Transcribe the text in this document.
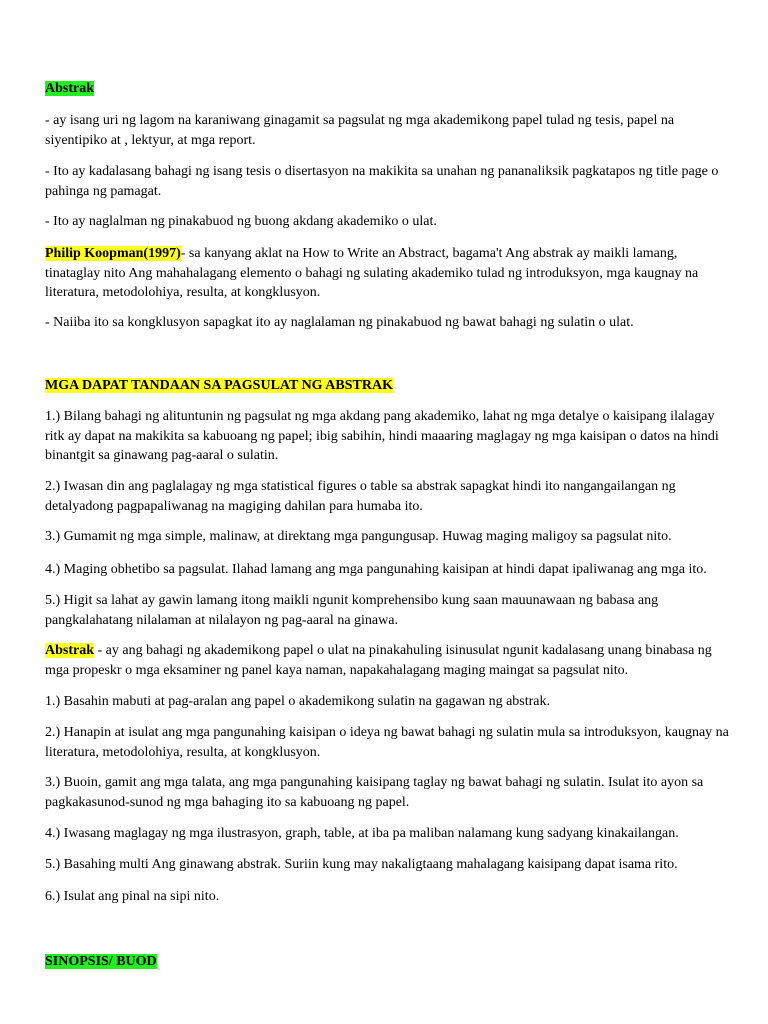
Abstrak

- ay isang uri ng lagom na karaniwang ginagamit sa pagsulat ng mga akademikong papel tulad ng tesis, papel na siyentipiko at , lektyur, at mga report.

- Ito ay kadalasang bahagi ng isang tesis o disertasyon na makikita sa unahan ng pananaliksik pagkatapos ng title page o pahinga ng pamagat.

- Ito ay naglalman ng pinakabuod ng buong akdang akademiko o ulat.

Philip Koopman(1997)- sa kanyang aklat na How to Write an Abstract, bagama't Ang abstrak ay maikli lamang, tinataglay nito Ang mahahalagang elemento o bahagi ng sulating akademiko tulad ng introduksyon, mga kaugnay na literatura, metodolohiya, resulta, at kongklusyon.

- Naiiba ito sa kongklusyon sapagkat ito ay naglalaman ng pinakabuod ng bawat bahagi ng sulatin o ulat.

MGA DAPAT TANDAAN SA PAGSULAT NG ABSTRAK

1.) Bilang bahagi ng alituntunin ng pagsulat ng mga akdang pang akademiko, lahat ng mga detalye o kaisipang ilalagay ritk ay dapat na makikita sa kabuoang ng papel; ibig sabihin, hindi maaaring maglagay ng mga kaisipan o datos na hindi binantgit sa ginawang pag-aaral o sulatin.

2.) Iwasan din ang paglalagay ng mga statistical figures o table sa abstrak sapagkat hindi ito nangangailangan ng detalyadong pagpapaliwanag na magiging dahilan para humaba ito.

3.) Gumamit ng mga simple, malinaw, at direktang mga pangungusap. Huwag maging maligoy sa pagsulat nito.

4.) Maging obhetibo sa pagsulat. Ilahad lamang ang mga pangunahing kaisipan at hindi dapat ipaliwanag ang mga ito.

5.) Higit sa lahat ay gawin lamang itong maikli ngunit komprehensibo kung saan mauunawaan ng babasa ang pangkalahatang nilalaman at nilalayon ng pag-aaral na ginawa.

Abstrak - ay ang bahagi ng akademikong papel o ulat na pinakahuling isinusulat ngunit kadalasang unang binabasa ng mga propeskr o mga eksaminer ng panel kaya naman, napakahalagang maging maingat sa pagsulat nito.

1.) Basahin mabuti at pag-aralan ang papel o akademikong sulatin na gagawan ng abstrak.

2.) Hanapin at isulat ang mga pangunahing kaisipan o ideya ng bawat bahagi ng sulatin mula sa introduksyon, kaugnay na literatura, metodolohiya, resulta, at kongklusyon.

3.) Buoin, gamit ang mga talata, ang mga pangunahing kaisipang taglay ng bawat bahagi ng sulatin. Isulat ito ayon sa pagkakasunod-sunod ng mga bahaging ito sa kabuoang ng papel.

4.) Iwasang maglagay ng mga ilustrasyon, graph, table, at iba pa maliban nalamang kung sadyang kinakailangan.

5.) Basahing multi Ang ginawang abstrak. Suriin kung may nakaligtaang mahalagang kaisipang dapat isama rito.

6.) Isulat ang pinal na sipi nito.

SINOPSIS/ BUOD
